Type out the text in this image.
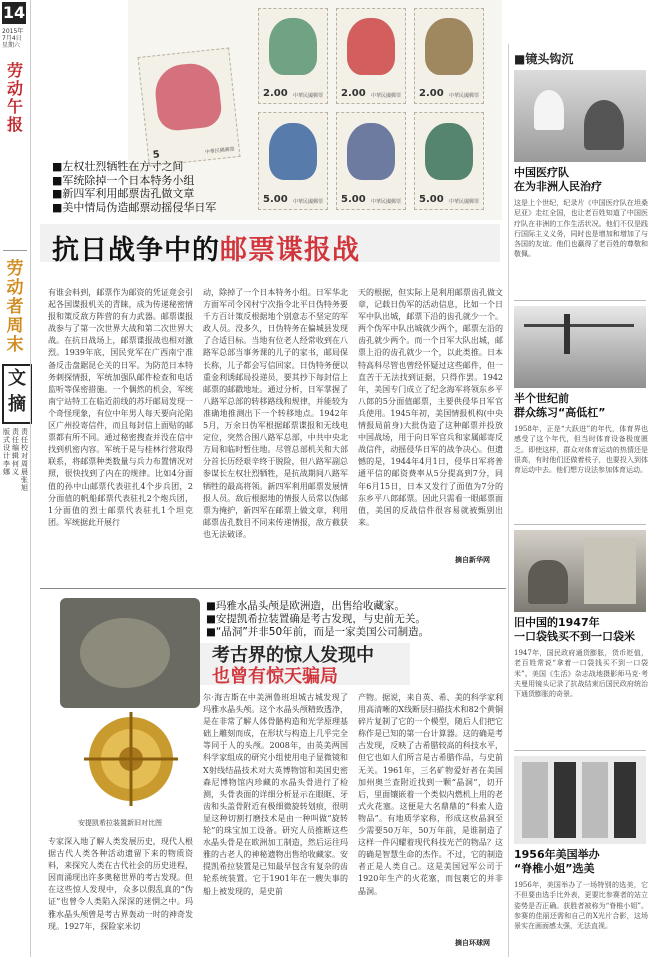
14
2015年
7月4日
星期六
劳动午报
劳动者周末
文摘
版式设计 李娜
责任编辑 何义
责任校对 周晨 张旭
5	中華民國郵票
2.00 中華民國郵票 2.00 中華民國郵票 2.00 中華民國郵票
5.00 中華民國郵票 5.00 中華民國郵票 5.00 中華民國郵票
■左权壮烈牺牲在方寸之间
■军统除掉一个日本特务小组
■新四军利用邮票齿孔做文章
■美中情局伪造邮票动摇侵华日军
抗日战争中的邮票谍报战
有谁会料到，邮票作为邮资的凭证竟会引起各国谍报机关的青睐，成为传递秘密情报和策反敌方阵营的有力武器。邮票谍报战参与了第一次世界大战和第二次世界大战。在抗日战场上，邮票谍报战也相对激烈。1939年底，国民党军在广西南宁准备反击盘踞昆仑关的日军。为防范日本特务刺探情报，军统加强队邮件检查和电话监听等保密措施。一个偶然的机会，军统南宁站特工在临近前线的苏圩邮局发现一个奇怪现象，有位中年男人每天要向沦陷区广州投寄信件，而且每封信上面贴的邮票都有所不同。通过秘密搜查并没在信中找到机密内容。军统于是与桂林行营取得联系，将邮票种类数量与兵力布置情况对照，很快找到了内在的规律。比如4分面值的孙中山邮票代表驻扎4个步兵团，2分面值的帆船邮票代表驻扎2个炮兵团，1分面值的烈士邮票代表驻扎1个坦克团。军统据此开展行
动，除掉了一个日本特务小组。日军华北方面军司令冈村宁次指令北平日伪特务要千方百计策反根据地个别意志不坚定的军政人员。没多久，日伪特务在偏城县发现了合适目标。当地有位老人经常收到在八路军总部当事务课的儿子的家书，邮局保长称，儿子都会写信回家。日伪特务便以重金利诱邮局投递员，要其抄下每封信上邮票的邮戳地址。通过分析，日军掌握了八路军总部的转移路线和规律，并能较为准确地推测出下一个转移地点。1942年5月，万余日伪军根据邮票谍报和无线电定位，突然合围八路军总部，中共中央北方局和临时暂住地。尽管总部机关和大部分首长历经艰辛终于脱险，但八路军副总参谋长左权壮烈牺牲，是抗战期间八路军牺牲的最高将领。新四军利用邮票发展情报人员。敌后根据地的情报人员常以伪邮票为掩护，新四军在邮票上做文章，利用邮票齿孔数目不同来传递情报，敌方截获也无法破译。
天的根据，但实际上是利用邮票齿孔做文章，记载日伪军的活动信息，比如一个日军中队出城，邮票下沿的齿孔就少一个。两个伪军中队出城就少两个，邮票左沿的齿孔就少两个。而一个日军大队出城，邮票上沿的齿孔就少一个，以此类推。日本特高科尽管也曾经怀疑过这些邮件，但一直苦于无法找到证据，只得作罢。1942年，美国专门成立了纪念海军将领东乡平八郎的5分面值邮票，主要供侵华日军官兵使用。1945年初，美国情报机构(中央情报局前身)大批伪造了这种邮票并投放中国战场，用于向日军官兵和家属邮寄反战信件，动摇侵华日军的战争决心。但遗憾的是，1944年4月1日，侵华日军将普通平信的邮资费率从5分提高到7分，同年6月15日，日本又发行了面值为7分的东乡平八郎邮票。因此只需看一眼邮票面值，美国的反战信件很容易就被甄别出来。
摘自新华网
安提凯希拉装置新旧对比图
■玛雅水晶头颅是欧洲造，出售给收藏家。
■安提凯希拉装置确是考古发现，与史前无关。
■“晶洞”并非50年前，而是一家美国公司制造。
考古界的惊人发现中
也曾有惊天骗局
专家深入地了解人类发展历史，现代人根据古代人类各种活动遗留下来的物质资料，来探究人类在古代社会的历史进程，因而涌现出许多奥秘世界的考古发现。但在这些惊人发现中，众多以假乱真的“伪证”也曾令人类陷入深深的迷惘之中。玛雅水晶头颅曾是考古界轰动一时的神奇发现。1927年，探险家米切
尔·海吉斯在中美洲鲁班坦城古城发现了玛雅水晶头颅。这个水晶头颅精致透净，是在非常了解人体骨骼构造和光学原理基础上雕刻而成，在形状与构造上几乎完全等同于人的头颅。2008年，由英美两国科学家组成的研究小组使用电子显微镜和X射线结晶技术对大英博物馆和美国史密森尼博物馆内珍藏的水晶头骨进行了检测，头骨表面的详细分析显示在眼眶、牙齿和头盖骨附近有极细微旋转划痕，很明显这种切割打磨技术是由一种叫做“旋转轮”的珠宝加工设备。研究人员推断这些水晶头骨是在欧洲加工制造，然后运往玛雅的古老人的神秘遗物出售给收藏家。安提凯希拉装置是已知最早包含有复杂的齿轮系统装置。它于1901年在一艘失事的船上被发现的，是史前
产物。据说，来自英、希、美的科学家利用高清晰的X线断层扫描技术和82个黄铜碎片复制了它的一个模型，随后人们把它称作是已知的第一台计算器。这的确是考古发现，反映了古希腊较高的科技水平，但它也如人们所言是古希腊作品，与史前无关。1961年，三名矿物爱好者在美国加州奥兰查附近找到一颗“晶洞”，切开后，里面镶嵌着一个类似内燃机上用的老式火花塞。这便是大名鼎鼎的“科索人造物品”。有地质学家称，形成这枚晶洞至少需要50万年，50万年前，是谁制造了这样一件闪耀着现代科技光芒的物品？这的确是智慧生命的杰作。不过，它的制造者正是人类自己。这是美国冠军公司于1920年生产的火花塞，而包裹它的并非晶洞。
摘自环球网
■镜头钩沉
中国医疗队
在为非洲人民治疗
这是上个世纪，纪录片《中国医疗队在坦桑尼亚》走红全国，也让老百姓知道了中国医疗队在非洲的工作生活状况。他们不仅是践行国际主义义务，同时也是增加和增加了与各国的友谊。他们也赢得了老百姓的尊敬和敬佩。
半个世纪前
群众练习“高低杠”
1958年，正是“大跃进”的年代，体育界也感受了这个年代，但当时体育设备极度匮乏。即使这样，群众对体育运动的热情还是很高，有时他们还做着枝子，也要投入到体育运动中去。他们想方设法参加体育运动。
旧中国的1947年
一口袋钱买不到一口袋米
1947年，国民政府通货膨胀，货币贬值，老百姓常说“拿着一口袋钱买不到一口袋米”。美国《生活》杂志战地摄影师马克·考夫曼用镜头记录了抗战结束后国民政府统治下通货膨胀的奇景。
1956年美国举办
“脊椎小姐”选美
1956年，美国举办了一场特别的选美，它不但要由选手比外表，更要比参赛者的站立姿势是否正确。获胜者被称为“脊椎小姐”。参赛的佳丽还需和自己的X光片合影，这场景实在画面感太强，无法直视。
